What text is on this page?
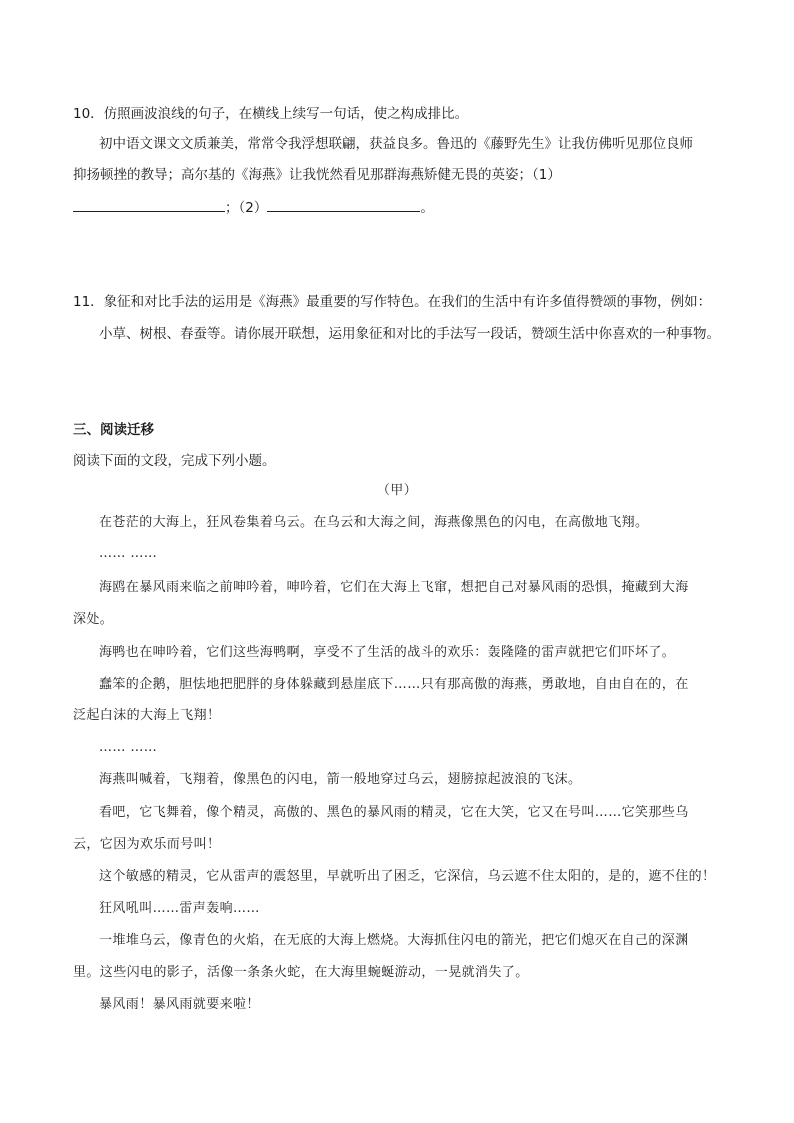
10．仿照画波浪线的句子，在横线上续写一句话，使之构成排比。
初中语文课文文质兼美，常常令我浮想联翩，获益良多。鲁迅的《藤野先生》让我仿佛听见那位良师
抑扬顿挫的教导；高尔基的《海燕》让我恍然看见那群海燕矫健无畏的英姿；（1）
；（2）	。
11．象征和对比手法的运用是《海燕》最重要的写作特色。在我们的生活中有许多值得赞颂的事物，例如：
小草、树根、春蚕等。请你展开联想，运用象征和对比的手法写一段话，赞颂生活中你喜欢的一种事物。
三、阅读迁移
阅读下面的文段，完成下列小题。
（甲）
在苍茫的大海上，狂风卷集着乌云。在乌云和大海之间，海燕像黑色的闪电，在高傲地飞翔。
…… ……
海鸥在暴风雨来临之前呻吟着，呻吟着，它们在大海上飞窜，想把自己对暴风雨的恐惧，掩藏到大海
深处。
海鸭也在呻吟着，它们这些海鸭啊，享受不了生活的战斗的欢乐：轰隆隆的雷声就把它们吓坏了。
蠢笨的企鹅，胆怯地把肥胖的身体躲藏到悬崖底下……只有那高傲的海燕，勇敢地，自由自在的，在
泛起白沫的大海上飞翔！
…… ……
海燕叫喊着，飞翔着，像黑色的闪电，箭一般地穿过乌云，翅膀掠起波浪的飞沫。
看吧，它飞舞着，像个精灵，高傲的、黑色的暴风雨的精灵，它在大笑，它又在号叫……它笑那些乌
云，它因为欢乐而号叫！
这个敏感的精灵，它从雷声的震怒里，早就听出了困乏，它深信，乌云遮不住太阳的，是的，遮不住的！
狂风吼叫……雷声轰响……
一堆堆乌云，像青色的火焰，在无底的大海上燃烧。大海抓住闪电的箭光，把它们熄灭在自己的深渊
里。这些闪电的影子，活像一条条火蛇，在大海里蜿蜒游动，一晃就消失了。
暴风雨！暴风雨就要来啦！
